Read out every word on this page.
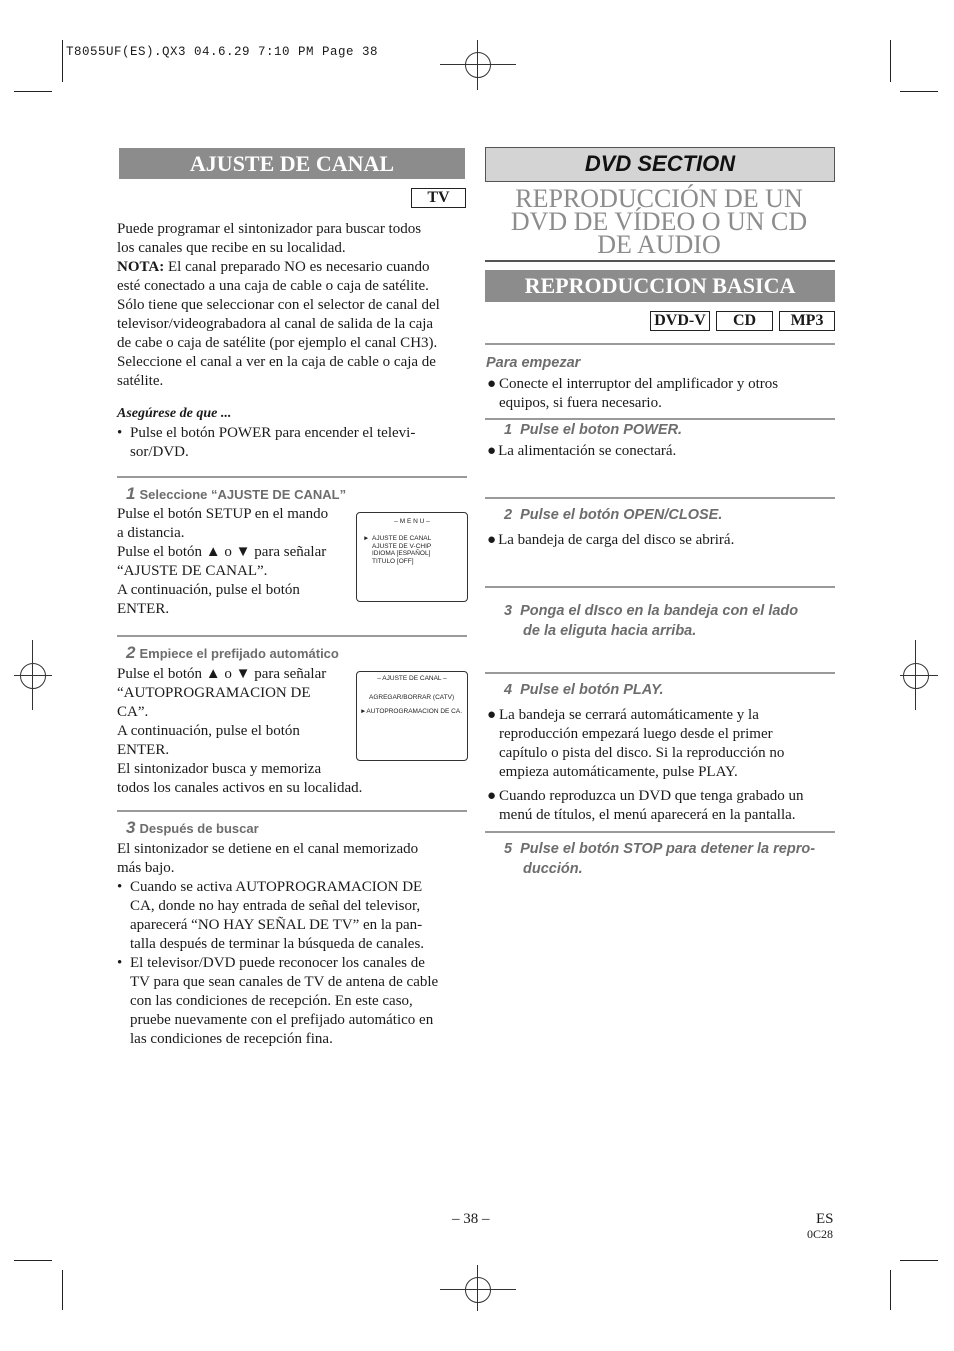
T8055UF(ES).QX3 04.6.29 7:10 PM Page 38
AJUSTE DE CANAL
TV

Puede programar el sintonizador para buscar todos

los canales que recibe en su localidad.

NOTA: El canal preparado NO es necesario cuando

esté conectado a una caja de cable o caja de satélite.

Sólo tiene que seleccionar con el selector de canal del

televisor/videograbadora al canal de salida de la caja

de cabe o caja de satélite (por ejemplo el canal CH3).

Seleccione el canal a ver en la caja de cable o caja de

satélite.

Asegúrese de que ...
• Pulse el botón POWER para encender el televi-

sor/DVD.

1 Seleccione “AJUSTE DE CANAL”

Pulse el botón SETUP en el mando

a distancia.

Pulse el botón ▲ o ▼ para señalar

“AJUSTE DE CANAL”.

A continuación, pulse el botón

ENTER.

– M E N U –
► AJUSTE DE CANAL
AJUSTE DE V-CHIP
IDIOMA [ESPAÑOL]
TITULO [OFF]
2 Empiece el prefijado automático

Pulse el botón ▲ o ▼ para señalar

“AUTOPROGRAMACION DE

CA”.

A continuación, pulse el botón

ENTER.

El sintonizador busca y memoriza

todos los canales activos en su localidad.

– AJUSTE DE CANAL –
AGREGAR/BORRAR (CATV)
►AUTOPROGRAMACION DE CA.
3 Después de buscar

El sintonizador se detiene en el canal memorizado

más bajo.

• Cuando se activa AUTOPROGRAMACION DE

CA, donde no hay entrada de señal del televisor,

aparecerá “NO HAY SEÑAL DE TV” en la pan-

talla después de terminar la búsqueda de canales.

• El televisor/DVD puede reconocer los canales de

TV para que sean canales de TV de antena de cable

con las condiciones de recepción. En este caso,

pruebe nuevamente con el prefijado automático en

las condiciones de recepción fina.

DVD SECTION
REPRODUCCIÓN DE UN
DVD DE VÍDEO O UN CD
DE AUDIO
REPRODUCCION BASICA
DVD-V	CD	MP3
Para empezar
● Conecte el interruptor del amplificador y otros

equipos, si fuera necesario.

1 Pulse el boton POWER.
● La alimentación se conectará.
2 Pulse el botón OPEN/CLOSE.
● La bandeja de carga del disco se abrirá.
3 Ponga el dIsco en la bandeja con el lado
de la eliguta hacia arriba.
4 Pulse el botón PLAY.
● La bandeja se cerrará automáticamente y la

reproducción empezará luego desde el primer

capítulo o pista del disco. Si la reproducción no

empieza automáticamente, pulse PLAY.

● Cuando reproduzca un DVD que tenga grabado un

menú de títulos, el menú aparecerá en la pantalla.

5 Pulse el botón STOP para detener la repro-
ducción.
– 38 –	ES
0C28
